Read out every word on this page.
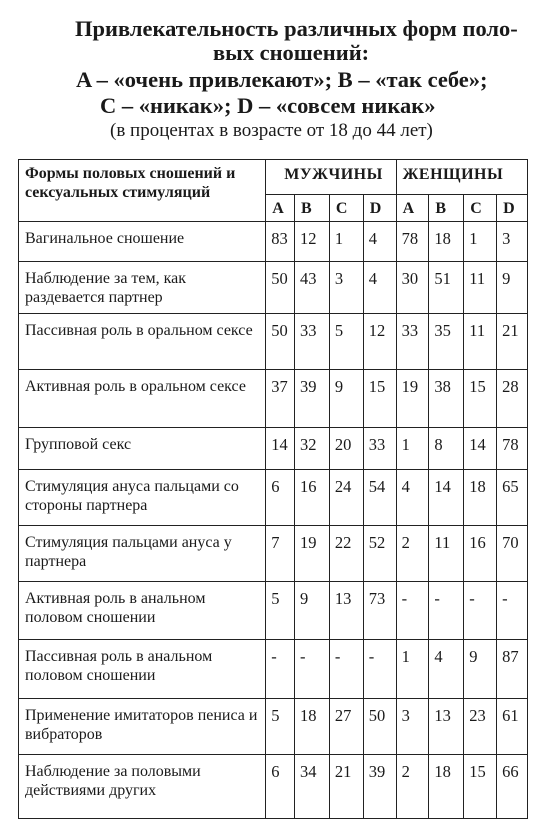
Привлекательность различных форм поло-
вых сношений:
A – «очень привлекают»; B – «так себе»;
C – «никак»; D – «совсем никак»
(в процентах в возрасте от 18 до 44 лет)
Формы половых сношений и сексуальных стимуляций	МУЖЧИНЫ				ЖЕНЩИНЫ			
	A	B	C	D	A	B	C	D
Вагинальное сношение	83	12	1	4	78	18	1	3
Наблюдение за тем, как раздевается партнер	50	43	3	4	30	51	11	9
Пассивная роль в оральном сексе	50	33	5	12	33	35	11	21
Активная роль в оральном сексе	37	39	9	15	19	38	15	28
Групповой секс	14	32	20	33	1	8	14	78
Стимуляция ануса пальцами со стороны партнера	6	16	24	54	4	14	18	65
Стимуляция пальцами ануса у партнера	7	19	22	52	2	11	16	70
Активная роль в анальном половом сношении	5	9	13	73	-	-	-	-
Пассивная роль в анальном половом сношении	-	-	-	-	1	4	9	87
Применение имитаторов пениса и вибраторов	5	18	27	50	3	13	23	61
Наблюдение за половыми действиями других	6	34	21	39	2	18	15	66
